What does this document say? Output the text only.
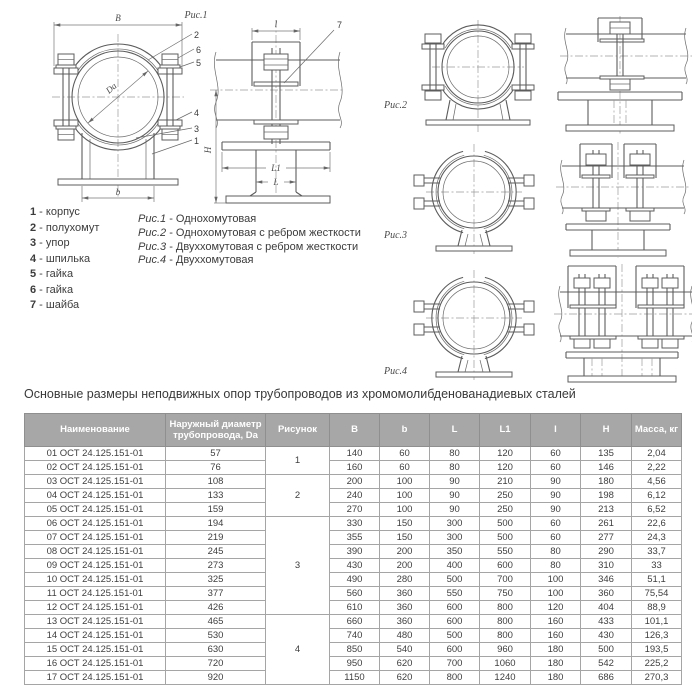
Рис.1
Da
B
b
2
6
5
4
3
1
l	7
H
L1
L
Рис.2
Рис.3
Рис.4
1 - корпус
2 - полухомут
3 - упор
4 - шпилька
5 - гайка
6 - гайка
7 - шайба
Рис.1 - Однохомутовая
Рис.2 - Однохомутовая с ребром жесткости
Рис.3 - Двуххомутовая с ребром жесткости
Рис.4 - Двуххомутовая
Основные размеры неподвижных опор трубопроводов из хромомолибденованадиевых сталей
Наименование	Наружный диаметр трубопровода, Da	Рисунок	B	b	L	L1	l	H	Масса, кг
01 ОСТ 24.125.151-01	57	1	140	60	80	120	60	135	2,04
02 ОСТ 24.125.151-01	76		160	60	80	120	60	146	2,22
03 ОСТ 24.125.151-01	108	2	200	100	90	210	90	180	4,56
04 ОСТ 24.125.151-01	133		240	100	90	250	90	198	6,12
05 ОСТ 24.125.151-01	159		270	100	90	250	90	213	6,52
06 ОСТ 24.125.151-01	194	3	330	150	300	500	60	261	22,6
07 ОСТ 24.125.151-01	219		355	150	300	500	60	277	24,3
08 ОСТ 24.125.151-01	245		390	200	350	550	80	290	33,7
09 ОСТ 24.125.151-01	273		430	200	400	600	80	310	33
10 ОСТ 24.125.151-01	325		490	280	500	700	100	346	51,1
11 ОСТ 24.125.151-01	377		560	360	550	750	100	360	75,54
12 ОСТ 24.125.151-01	426		610	360	600	800	120	404	88,9
13 ОСТ 24.125.151-01	465	4	660	360	600	800	160	433	101,1
14 ОСТ 24.125.151-01	530		740	480	500	800	160	430	126,3
15 ОСТ 24.125.151-01	630		850	540	600	960	180	500	193,5
16 ОСТ 24.125.151-01	720		950	620	700	1060	180	542	225,2
17 ОСТ 24.125.151-01	920		1150	620	800	1240	180	686	270,3
